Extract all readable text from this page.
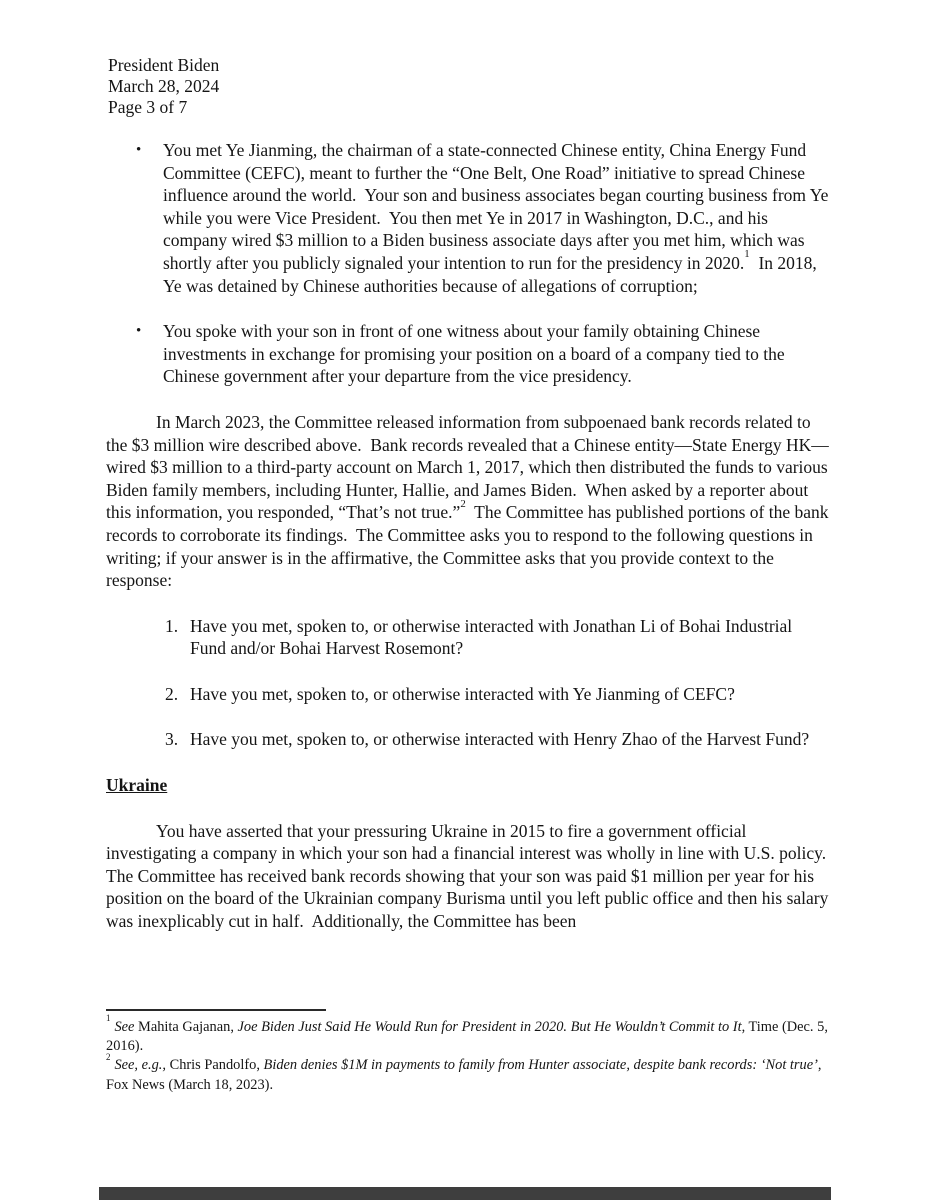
President Biden
March 28, 2024
Page 3 of 7
•	You met Ye Jianming, the chairman of a state-connected Chinese entity, China Energy Fund Committee (CEFC), meant to further the “One Belt, One Road” initiative to spread Chinese influence around the world.  Your son and business associates began courting business from Ye while you were Vice President.  You then met Ye in 2017 in Washington, D.C., and his company wired $3 million to a Biden business associate days after you met him, which was shortly after you publicly signaled your intention to run for the presidency in 2020.$^1$  In 2018, Ye was detained by Chinese authorities because of allegations of corruption;
•	You spoke with your son in front of one witness about your family obtaining Chinese investments in exchange for promising your position on a board of a company tied to the Chinese government after your departure from the vice presidency.
In March 2023, the Committee released information from subpoenaed bank records related to the $3 million wire described above.  Bank records revealed that a Chinese entity—State Energy HK—wired $3 million to a third-party account on March 1, 2017, which then distributed the funds to various Biden family members, including Hunter, Hallie, and James Biden.  When asked by a reporter about this information, you responded, “That’s not true.”$^2$  The Committee has published portions of the bank records to corroborate its findings.  The Committee asks you to respond to the following questions in writing; if your answer is in the affirmative, the Committee asks that you provide context to the response:
1. Have you met, spoken to, or otherwise interacted with Jonathan Li of Bohai Industrial Fund and/or Bohai Harvest Rosemont?
2. Have you met, spoken to, or otherwise interacted with Ye Jianming of CEFC?
3. Have you met, spoken to, or otherwise interacted with Henry Zhao of the Harvest Fund?
Ukraine
You have asserted that your pressuring Ukraine in 2015 to fire a government official investigating a company in which your son had a financial interest was wholly in line with U.S. policy.  The Committee has received bank records showing that your son was paid $1 million per year for his position on the board of the Ukrainian company Burisma until you left public office and then his salary was inexplicably cut in half.  Additionally, the Committee has been
$^1$See Mahita Gajanan, Joe Biden Just Said He Would Run for President in 2020. But He Wouldn’t Commit to It, Time (Dec. 5, 2016).
$^2$See, e.g., Chris Pandolfo, Biden denies $1M in payments to family from Hunter associate, despite bank records: ‘Not true’, Fox News (March 18, 2023).
